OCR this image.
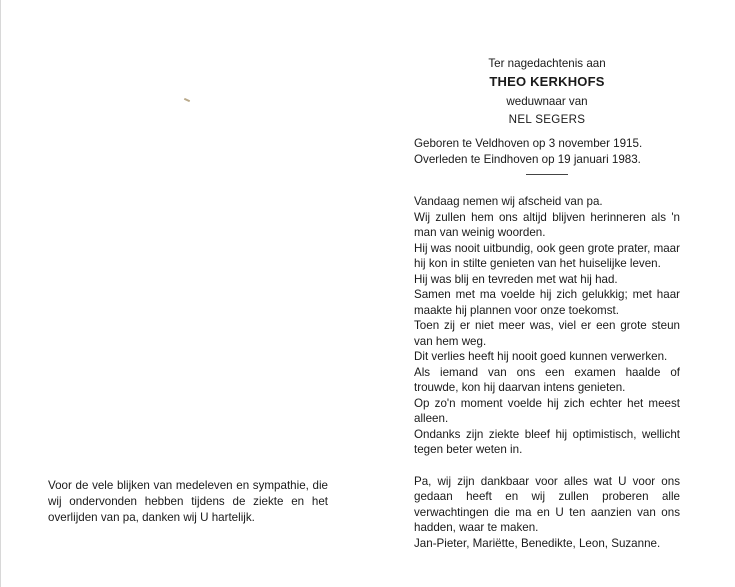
Voor de vele blijken van medeleven en sympathie, die wij ondervonden hebben tijdens de ziekte en het overlijden van pa, danken wij U hartelijk.

Ter nagedachtenis aan
THEO KERKHOFS
weduwnaar van
NEL SEGERS
Geboren te Veldhoven op 3 november 1915.
Overleden te Eindhoven op 19 januari 1983.

Vandaag nemen wij afscheid van pa.

Wij zullen hem ons altijd blijven herinneren als 'n man van weinig woorden.

Hij was nooit uitbundig, ook geen grote prater, maar hij kon in stilte genieten van het huiselijke leven.

Hij was blij en tevreden met wat hij had.

Samen met ma voelde hij zich gelukkig; met haar maakte hij plannen voor onze toekomst.

Toen zij er niet meer was, viel er een grote steun van hem weg.

Dit verlies heeft hij nooit goed kunnen verwerken.

Als iemand van ons een examen haalde of trouwde, kon hij daarvan intens genieten.

Op zo'n moment voelde hij zich echter het meest alleen.

Ondanks zijn ziekte bleef hij optimistisch, wellicht tegen beter weten in.

Pa, wij zijn dankbaar voor alles wat U voor ons gedaan heeft en wij zullen proberen alle verwachtingen die ma en U ten aanzien van ons hadden, waar te maken.

Jan-Pieter, Mariëtte, Benedikte, Leon, Suzanne.
